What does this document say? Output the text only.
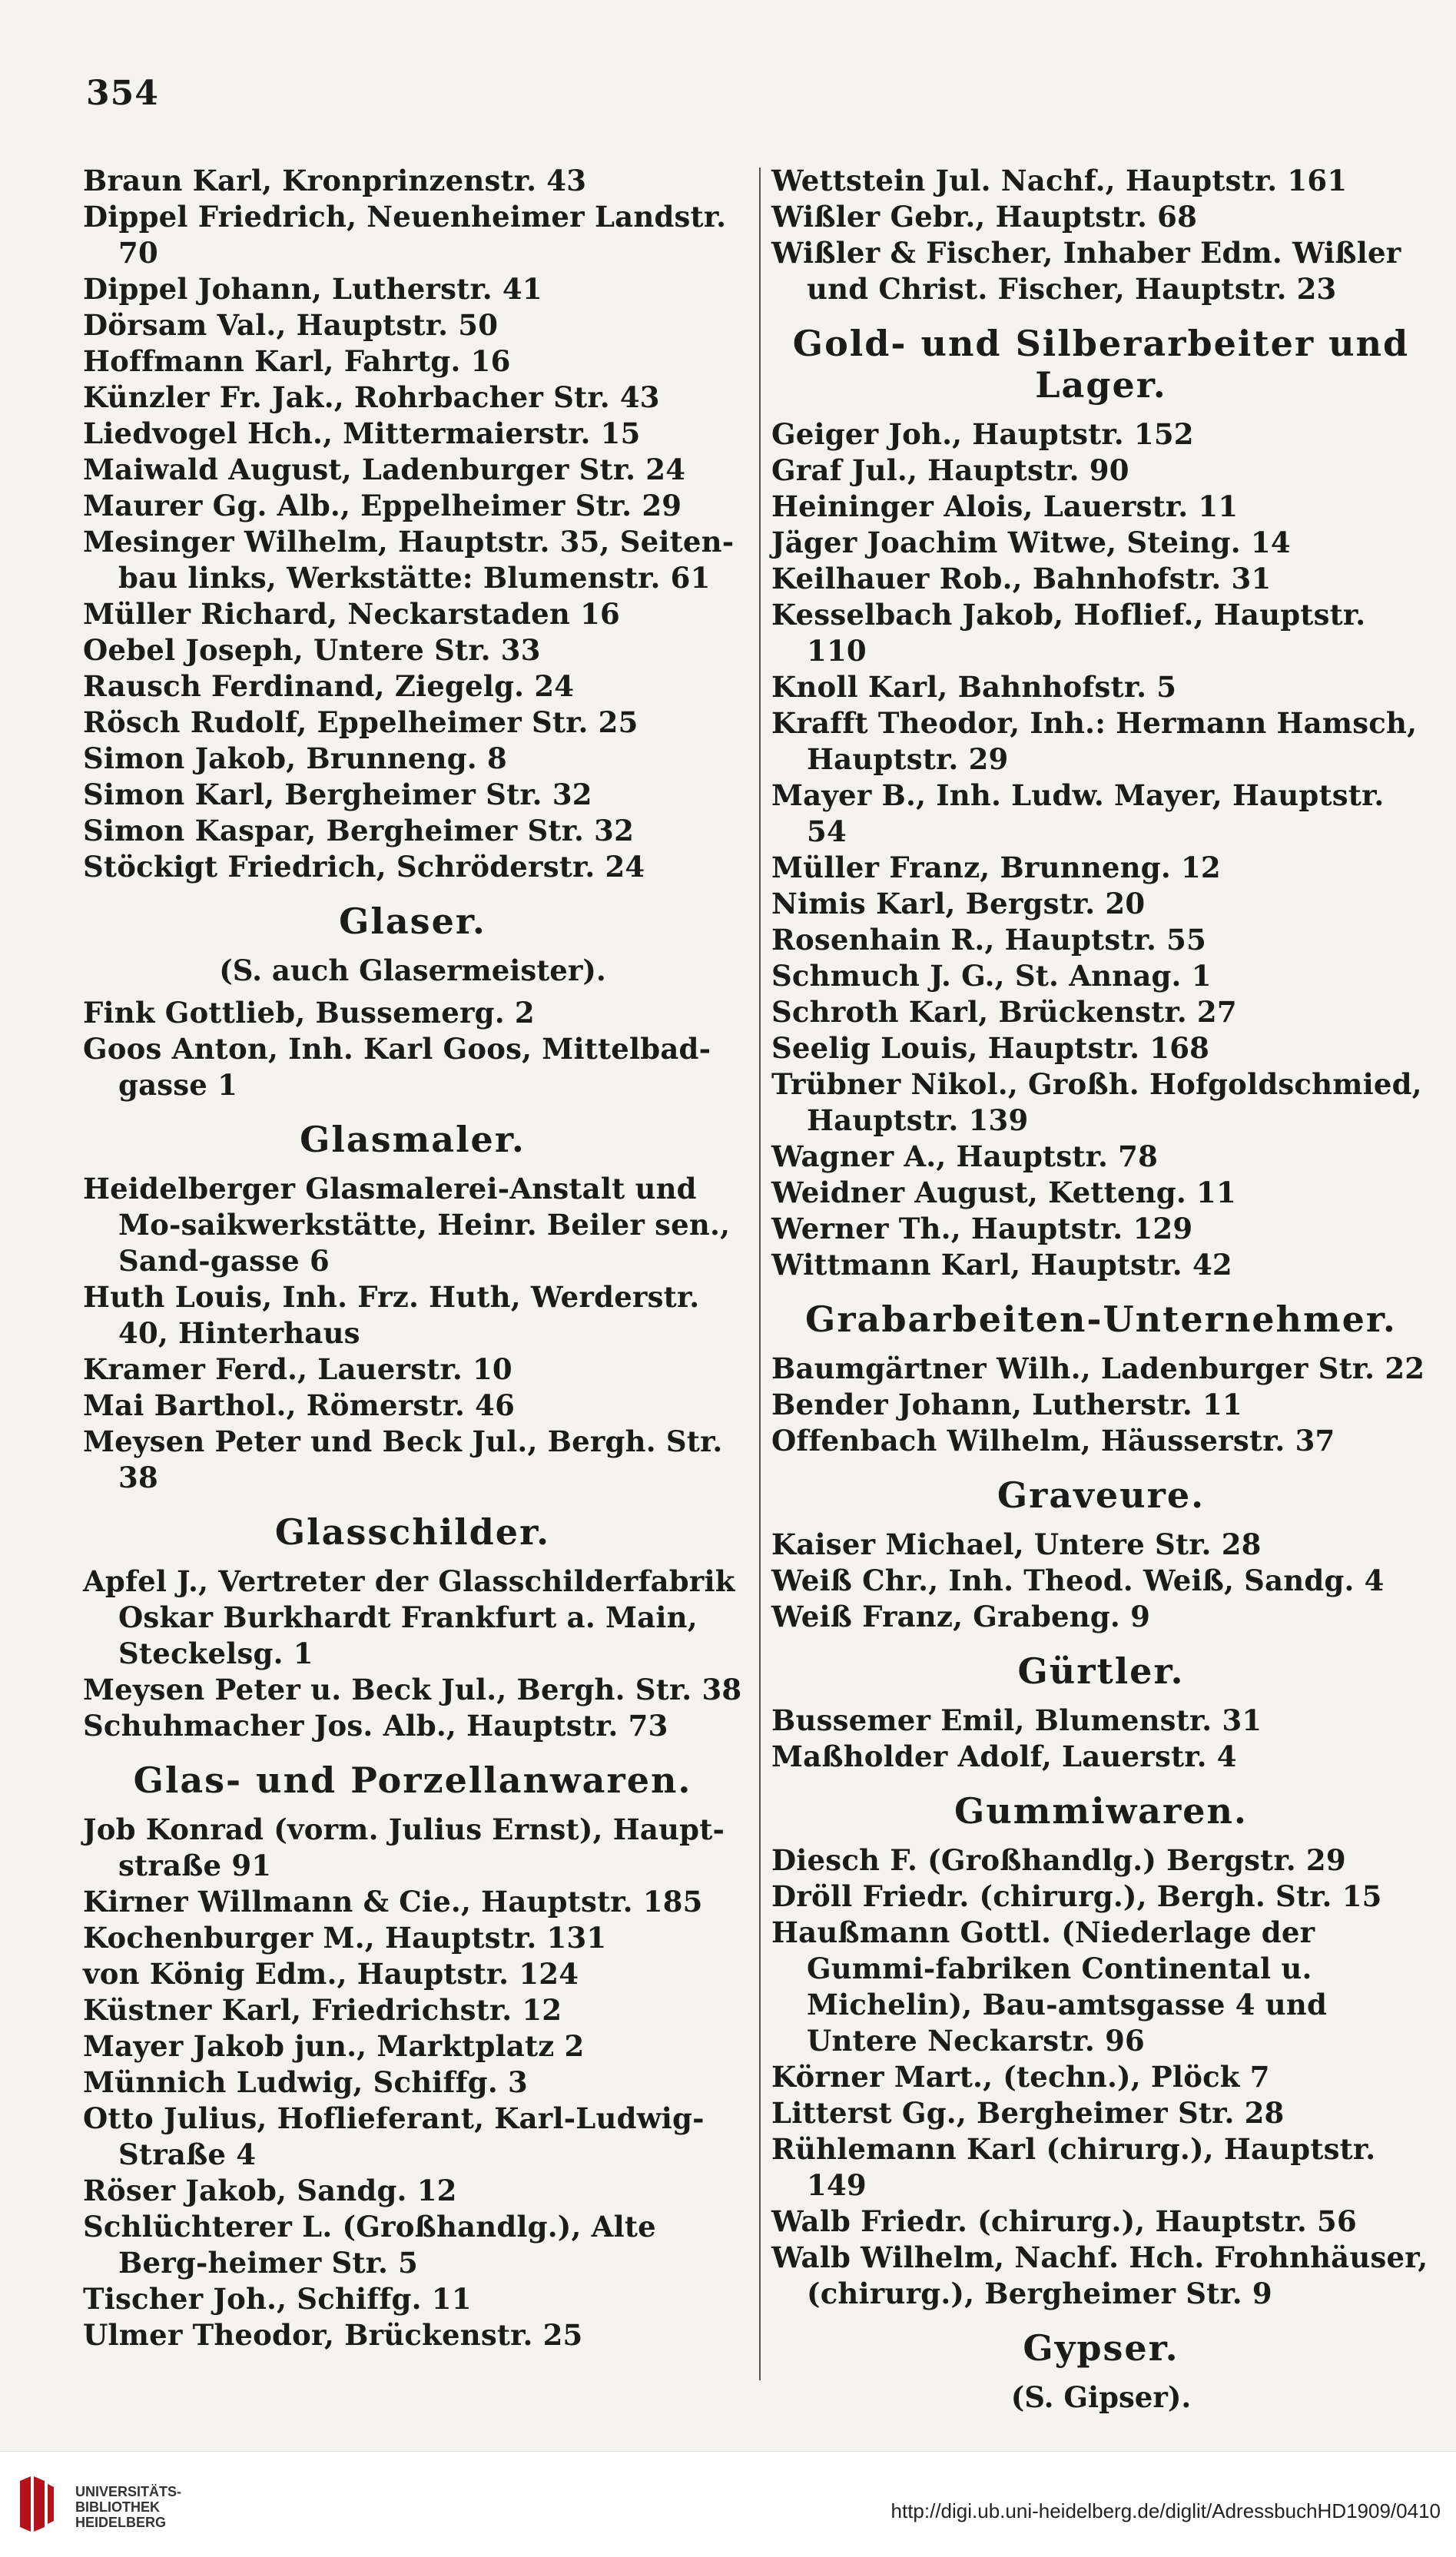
354
Braun Karl, Kronprinzenstr. 43
Dippel Friedrich, Neuenheimer Landstr. 70
Dippel Johann, Lutherstr. 41
Dörsam Val., Hauptstr. 50
Hoffmann Karl, Fahrtg. 16
Künzler Fr. Jak., Rohrbacher Str. 43
Liedvogel Hch., Mittermaierstr. 15
Maiwald August, Ladenburger Str. 24
Maurer Gg. Alb., Eppelheimer Str. 29
Mesinger Wilhelm, Hauptstr. 35, Seiten-bau links, Werkstätte: Blumenstr. 61
Müller Richard, Neckarstaden 16
Oebel Joseph, Untere Str. 33
Rausch Ferdinand, Ziegelg. 24
Rösch Rudolf, Eppelheimer Str. 25
Simon Jakob, Brunneng. 8
Simon Karl, Bergheimer Str. 32
Simon Kaspar, Bergheimer Str. 32
Stöckigt Friedrich, Schröderstr. 24
Glaser.
(S. auch Glasermeister).
Fink Gottlieb, Bussemerg. 2
Goos Anton, Inh. Karl Goos, Mittelbad-gasse 1
Glasmaler.
Heidelberger Glasmalerei-Anstalt und Mo-saikwerkstätte, Heinr. Beiler sen., Sand-gasse 6
Huth Louis, Inh. Frz. Huth, Werderstr. 40, Hinterhaus
Kramer Ferd., Lauerstr. 10
Mai Barthol., Römerstr. 46
Meysen Peter und Beck Jul., Bergh. Str. 38
Glasschilder.
Apfel J., Vertreter der Glasschilderfabrik Oskar Burkhardt Frankfurt a. Main, Steckelsg. 1
Meysen Peter u. Beck Jul., Bergh. Str. 38
Schuhmacher Jos. Alb., Hauptstr. 73
Glas- und Porzellanwaren.
Job Konrad (vorm. Julius Ernst), Haupt-straße 91
Kirner Willmann & Cie., Hauptstr. 185
Kochenburger M., Hauptstr. 131
von König Edm., Hauptstr. 124
Küstner Karl, Friedrichstr. 12
Mayer Jakob jun., Marktplatz 2
Münnich Ludwig, Schiffg. 3
Otto Julius, Hoflieferant, Karl-Ludwig-Straße 4
Röser Jakob, Sandg. 12
Schlüchterer L. (Großhandlg.), Alte Berg-heimer Str. 5
Tischer Joh., Schiffg. 11
Ulmer Theodor, Brückenstr. 25
Wettstein Jul. Nachf., Hauptstr. 161
Wißler Gebr., Hauptstr. 68
Wißler & Fischer, Inhaber Edm. Wißler und Christ. Fischer, Hauptstr. 23
Gold- und Silberarbeiter und Lager.
Geiger Joh., Hauptstr. 152
Graf Jul., Hauptstr. 90
Heininger Alois, Lauerstr. 11
Jäger Joachim Witwe, Steing. 14
Keilhauer Rob., Bahnhofstr. 31
Kesselbach Jakob, Hoflief., Hauptstr. 110
Knoll Karl, Bahnhofstr. 5
Krafft Theodor, Inh.: Hermann Hamsch, Hauptstr. 29
Mayer B., Inh. Ludw. Mayer, Hauptstr. 54
Müller Franz, Brunneng. 12
Nimis Karl, Bergstr. 20
Rosenhain R., Hauptstr. 55
Schmuch J. G., St. Annag. 1
Schroth Karl, Brückenstr. 27
Seelig Louis, Hauptstr. 168
Trübner Nikol., Großh. Hofgoldschmied, Hauptstr. 139
Wagner A., Hauptstr. 78
Weidner August, Ketteng. 11
Werner Th., Hauptstr. 129
Wittmann Karl, Hauptstr. 42
Grabarbeiten-Unternehmer.
Baumgärtner Wilh., Ladenburger Str. 22
Bender Johann, Lutherstr. 11
Offenbach Wilhelm, Häusserstr. 37
Graveure.
Kaiser Michael, Untere Str. 28
Weiß Chr., Inh. Theod. Weiß, Sandg. 4
Weiß Franz, Grabeng. 9
Gürtler.
Bussemer Emil, Blumenstr. 31
Maßholder Adolf, Lauerstr. 4
Gummiwaren.
Diesch F. (Großhandlg.) Bergstr. 29
Dröll Friedr. (chirurg.), Bergh. Str. 15
Haußmann Gottl. (Niederlage der Gummi-fabriken Continental u. Michelin), Bau-amtsgasse 4 und Untere Neckarstr. 96
Körner Mart., (techn.), Plöck 7
Litterst Gg., Bergheimer Str. 28
Rühlemann Karl (chirurg.), Hauptstr. 149
Walb Friedr. (chirurg.), Hauptstr. 56
Walb Wilhelm, Nachf. Hch. Frohnhäuser, (chirurg.), Bergheimer Str. 9
Gypser.
(S. Gipser).
UNIVERSITÄTS-
BIBLIOTHEK
HEIDELBERG	http://digi.ub.uni-heidelberg.de/diglit/AdressbuchHD1909/0410
